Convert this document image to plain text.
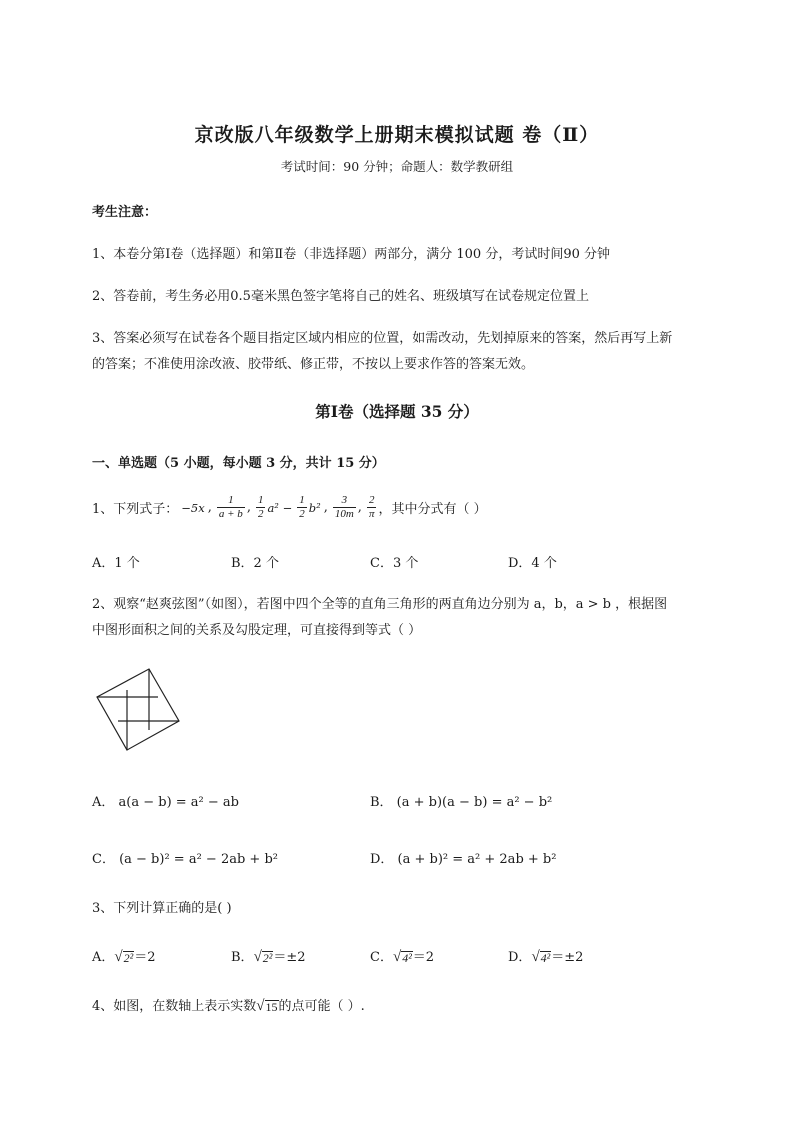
京改版八年级数学上册期末模拟试题 卷（Ⅱ）
考试时间：90 分钟；命题人：数学教研组
考生注意：
1、本卷分第Ⅰ卷（选择题）和第Ⅱ卷（非选择题）两部分，满分 100 分，考试时间90 分钟
2、答卷前，考生务必用0.5毫米黑色签字笔将自己的姓名、班级填写在试卷规定位置上
3、答案必须写在试卷各个题目指定区域内相应的位置，如需改动，先划掉原来的答案，然后再写上新
的答案；不准使用涂改液、胶带纸、修正带，不按以上要求作答的答案无效。
第Ⅰ卷（选择题 35 分）
一、单选题（5 小题，每小题 3 分，共计 15 分）
1、下列式子： −5x , $\frac{1}{a + b}$ , $\frac{1}{2} a^2 - \frac{1}{2} b^2$ , $\frac{3}{10m}$ , $\frac{2}{\pi}$ ，其中分式有（ ）
A．1 个	B．2 个	C．3 个	D．4 个
2、观察“赵爽弦图”（如图），若图中四个全等的直角三角形的两直角边分别为 a，b，a > b ，根据图
中图形面积之间的关系及勾股定理，可直接得到等式（ ）
A． a(a − b) = a² − ab	B． (a + b)(a − b) = a² − b²
C． (a − b)² = a² − 2ab + b²	D． (a + b)² = a² + 2ab + b²
3、下列计算正确的是( )
A． √ 2² ＝2	B． √ 2² ＝±2	C． √ 4² ＝2	D． √ 4² ＝±2
4、如图，在数轴上表示实数 √ 15 的点可能（ ）.
